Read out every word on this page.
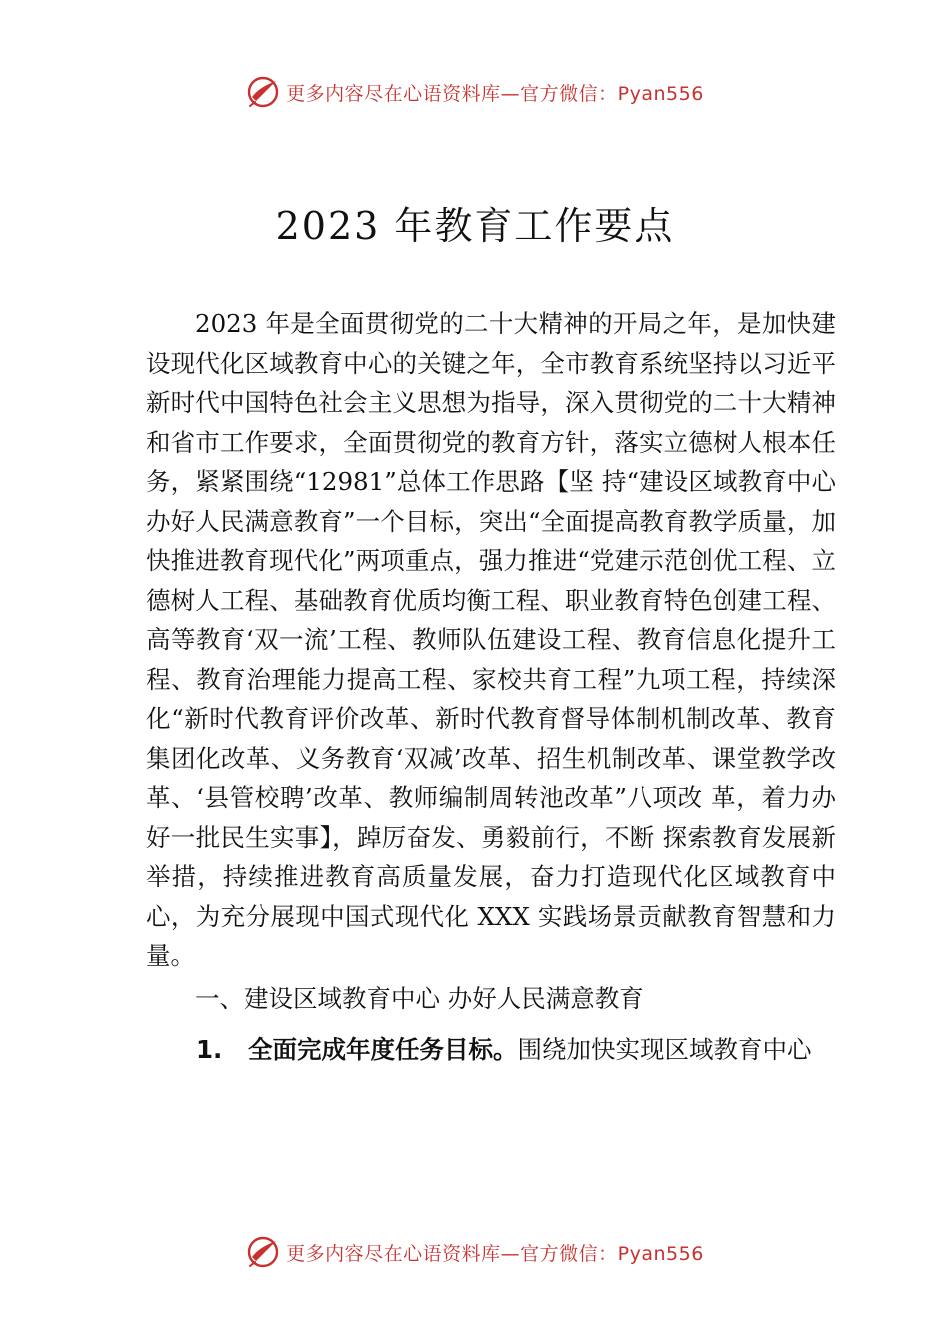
更多内容尽在心语资料库—官方微信：Pyan556
2023 年教育工作要点

2023 年是全面贯彻党的二十大精神的开局之年，是加快建设现代化区域教育中心的关键之年，全市教育系统坚持以习近平新时代中国特色社会主义思想为指导，深入贯彻党的二十大精神和省市工作要求，全面贯彻党的教育方针，落实立德树人根本任务，紧紧围绕“12981”总体工作思路【坚 持“建设区域教育中心 办好人民满意教育”一个目标，突出“全面提高教育教学质量，加快推进教育现代化”两项重点，强力推进“党建示范创优工程、立德树人工程、基础教育优质均衡工程、职业教育特色创建工程、高等教育‘双一流’工程、教师队伍建设工程、教育信息化提升工程、教育治理能力提高工程、家校共育工程”九项工程，持续深化“新时代教育评价改革、新时代教育督导体制机制改革、教育集团化改革、义务教育‘双减’改革、招生机制改革、课堂教学改革、‘县管校聘’改革、教师编制周转池改革”八项改 革，着力办好一批民生实事】，踔厉奋发、勇毅前行，不断 探索教育发展新举措，持续推进教育高质量发展，奋力打造现代化区域教育中心，为充分展现中国式现代化 XXX 实践场景贡献教育智慧和力量。

一、建设区域教育中心 办好人民满意教育

1. 全面完成年度任务目标。围绕加快实现区域教育中心

更多内容尽在心语资料库—官方微信：Pyan556
